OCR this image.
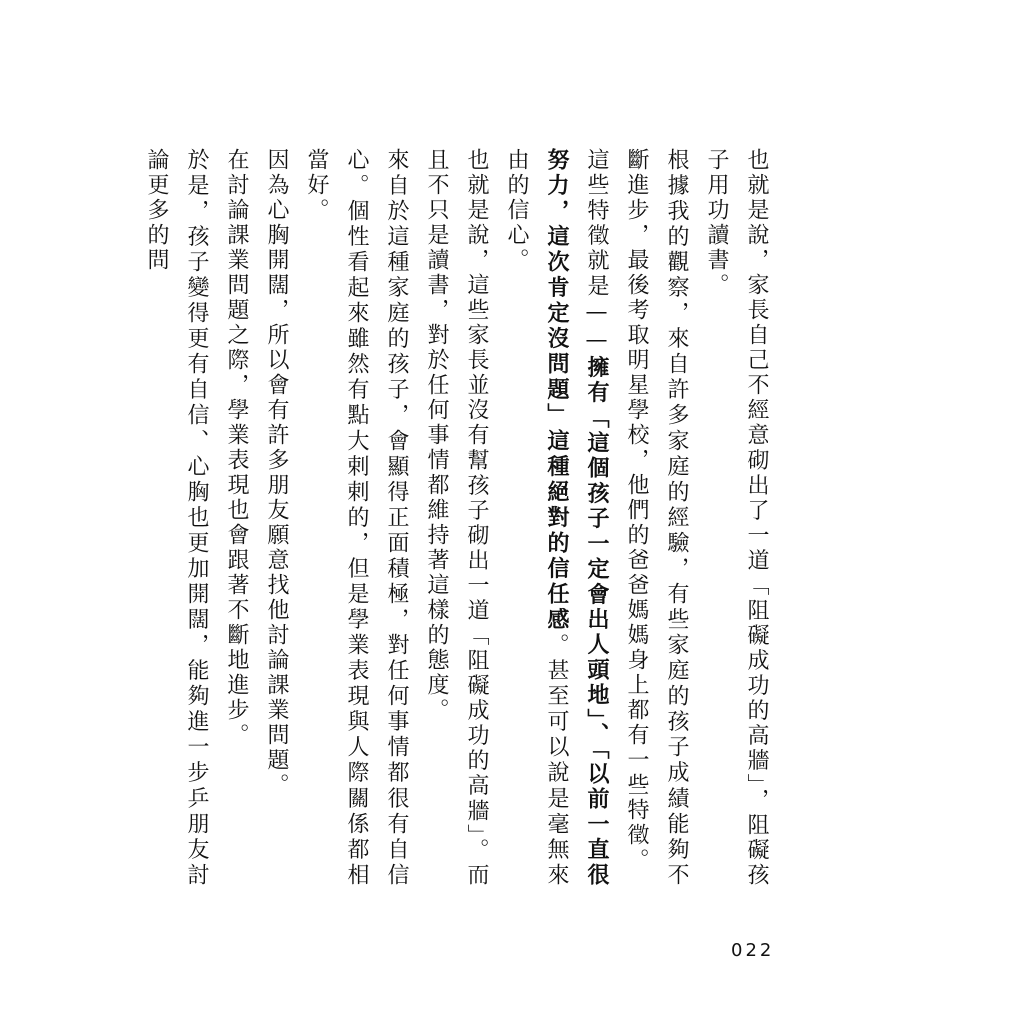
也就是說，家長自己不經意砌出了一道「阻礙成功的高牆」，阻礙孩子用功讀書。

根據我的觀察，來自許多家庭的經驗，有些家庭的孩子成績能夠不斷進步，最後考取明星學校，他們的爸爸媽媽身上都有一些特徵。

這些特徵就是——擁有「這個孩子一定會出人頭地」、「以前一直很努力，這次肯定沒問題」這種絕對的信任感。甚至可以說是毫無來由的信心。

也就是說，這些家長並沒有幫孩子砌出一道「阻礙成功的高牆」。而且不只是讀書，對於任何事情都維持著這樣的態度。

來自於這種家庭的孩子，會顯得正面積極，對任何事情都很有自信心。個性看起來雖然有點大剌剌的，但是學業表現與人際關係都相當好。

因為心胸開闊，所以會有許多朋友願意找他討論課業問題。

在討論課業問題之際，學業表現也會跟著不斷地進步。

於是，孩子變得更有自信、心胸也更加開闊，能夠進一步乒朋友討論更多的問

022
